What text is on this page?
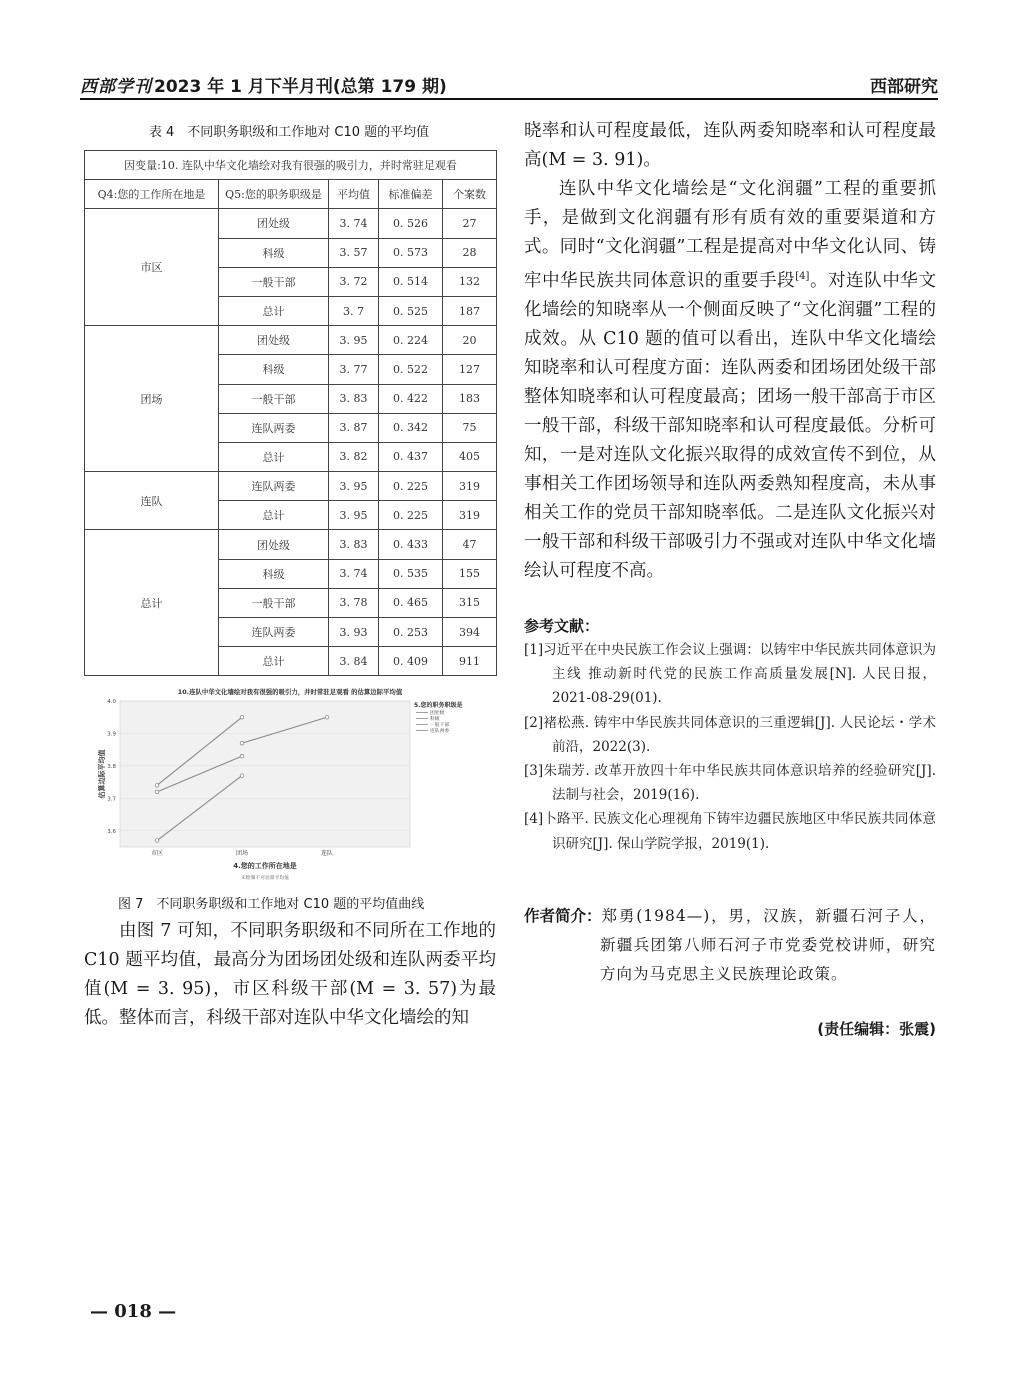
西部学刊 2023 年 1 月下半月刊(总第 179 期)	西部研究
表 4　不同职务职级和工作地对 C10 题的平均值
因变量:10. 连队中华文化墙绘对我有很强的吸引力，并时常驻足观看				
Q4:您的工作所在地是	Q5:您的职务职级是	平均值	标准偏差	个案数
市区	团处级	3. 74	0. 526	27
	科级	3. 57	0. 573	28
	一般干部	3. 72	0. 514	132
	总计	3. 7	0. 525	187
团场	团处级	3. 95	0. 224	20
	科级	3. 77	0. 522	127
	一般干部	3. 83	0. 422	183
	连队两委	3. 87	0. 342	75
	总计	3. 82	0. 437	405
连队	连队两委	3. 95	0. 225	319
	总计	3. 95	0. 225	319
总计	团处级	3. 83	0. 433	47
	科级	3. 74	0. 535	155
	一般干部	3. 78	0. 465	315
	连队两委	3. 93	0. 253	394
	总计	3. 84	0. 409	911
10.连队中华文化墙绘对我有很强的吸引力，并时常驻足观看 的估算边际平均值
4.0
3.9
3.8
3.7
3.6
市区	团场	连队
估算边际平均值
4.您的工作所在地是
未绘制不可估算平均值
5.您的职务职级是
团处级
科级
一般干部
连队两委
图 7　不同职务职级和工作地对 C10 题的平均值曲线
由图 7 可知，不同职务职级和不同所在工作地的 C10 题平均值，最高分为团场团处级和连队两委平均值(M = 3. 95)，市区科级干部(M = 3. 57)为最低。整体而言，科级干部对连队中华文化墙绘的知
晓率和认可程度最低，连队两委知晓率和认可程度最高(M = 3. 91)。
连队中华文化墙绘是“文化润疆”工程的重要抓手，是做到文化润疆有形有质有效的重要渠道和方式。同时“文化润疆”工程是提高对中华文化认同、铸牢中华民族共同体意识的重要手段[4]。对连队中华文化墙绘的知晓率从一个侧面反映了“文化润疆”工程的成效。从 C10 题的值可以看出，连队中华文化墙绘知晓率和认可程度方面：连队两委和团场团处级干部整体知晓率和认可程度最高；团场一般干部高于市区一般干部，科级干部知晓率和认可程度最低。分析可知，一是对连队文化振兴取得的成效宣传不到位，从事相关工作团场领导和连队两委熟知程度高，未从事相关工作的党员干部知晓率低。二是连队文化振兴对一般干部和科级干部吸引力不强或对连队中华文化墙绘认可程度不高。
参考文献：
[1]习近平在中央民族工作会议上强调：以铸牢中华民族共同体意识为主线 推动新时代党的民族工作高质量发展[N]. 人民日报，2021-08-29(01).
[2]褚松燕. 铸牢中华民族共同体意识的三重逻辑[J]. 人民论坛・学术前沿，2022(3).
[3]朱瑞芳. 改革开放四十年中华民族共同体意识培养的经验研究[J]. 法制与社会，2019(16).
[4]卜路平. 民族文化心理视角下铸牢边疆民族地区中华民族共同体意识研究[J]. 保山学院学报，2019(1).
作者简介： 郑勇(1984—)，男，汉族，新疆石河子人，新疆兵团第八师石河子市党委党校讲师，研究方向为马克思主义民族理论政策。
(责任编辑：张震)
— 018 —
